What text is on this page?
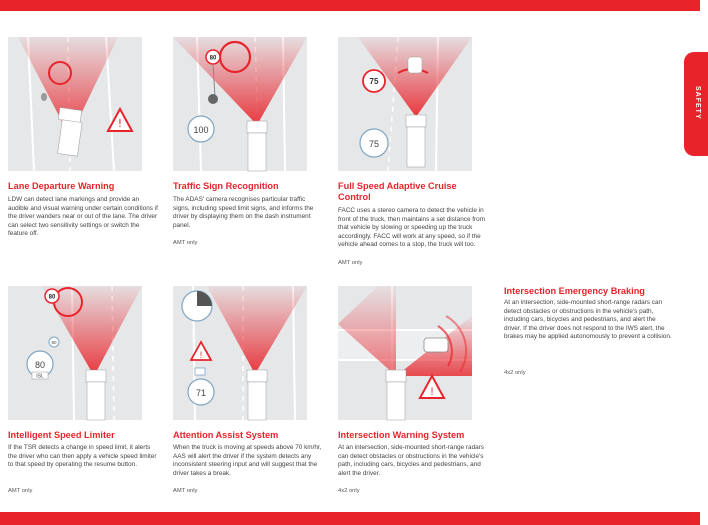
SAFETY
!
Lane Departure Warning
LDW can detect lane markings and provide an audible and visual warning under certain conditions if the driver wanders near or out of the lane. The driver can select two sensitivity settings or switch the feature off.
80
100
Traffic Sign Recognition
The ADAS' camera recognises particular traffic signs, including speed limit signs, and informs the driver by displaying them on the dash instrument panel.
AMT only
75
75
Full Speed Adaptive Cruise Control
FACC uses a stereo camera to detect the vehicle in front of the truck, then maintains a set distance from that vehicle by slowing or speeding up the truck accordingly. FACC will work at any speed, so if the vehicle ahead comes to a stop, the truck will too.
AMT only
80
80
80
ISL
Intelligent Speed Limiter
If the TSR detects a change in speed limit, it alerts the driver who can then apply a vehicle speed limiter to that speed by operating the resume button.
AMT only
!
71
Attention Assist System
When the truck is moving at speeds above 70 km/hr, AAS will alert the driver if the system detects any inconsistent steering input and will suggest that the driver takes a break.
AMT only
!
Intersection Warning System
At an intersection, side-mounted short-range radars can detect obstacles or obstructions in the vehicle's path, including cars, bicycles and pedestrians, and alert the driver.
4x2 only
Intersection Emergency Braking
At an intersection, side-mounted short-range radars can detect obstacles or obstructions in the vehicle's path, including cars, bicycles and pedestrians, and alert the driver. If the driver does not respond to the IWS alert, the brakes may be applied autonomously to prevent a collision.
4x2 only
